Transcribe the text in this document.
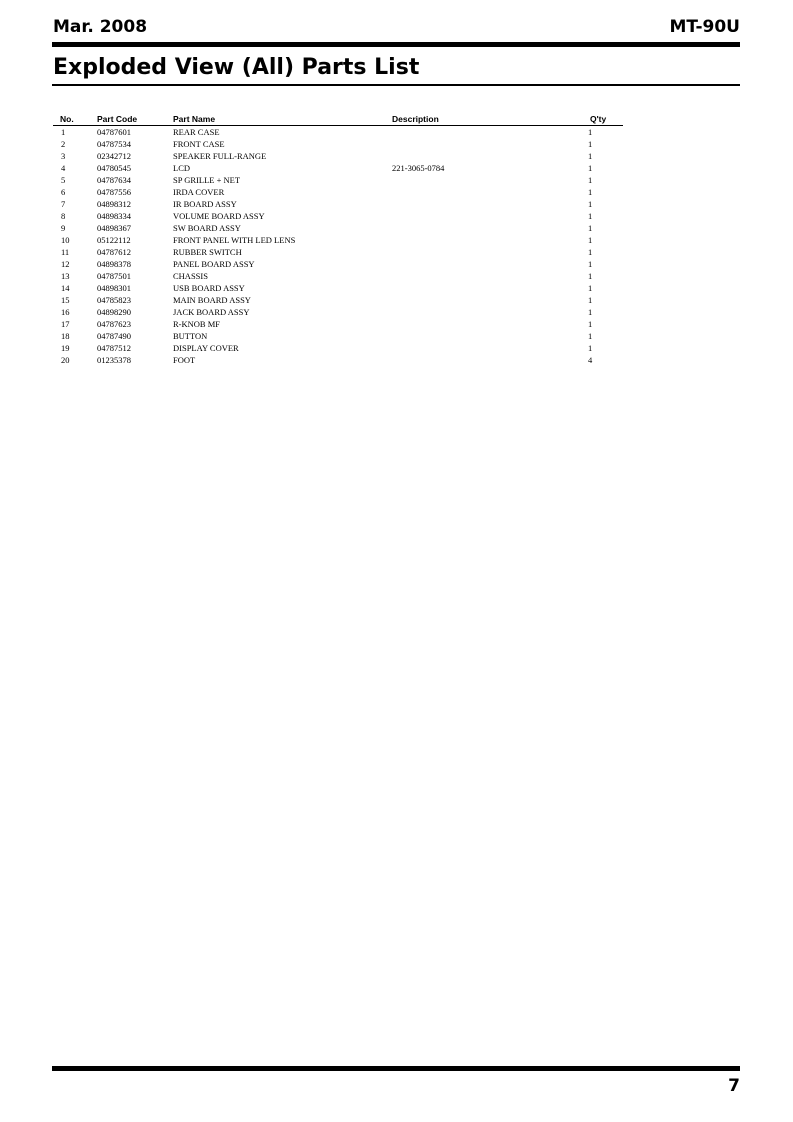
Mar. 2008	MT-90U
Exploded View (All) Parts List
No.	Part Code	Part Name	Description	Q'ty
1	04787601	REAR CASE		1
2	04787534	FRONT CASE		1
3	02342712	SPEAKER FULL-RANGE		1
4	04780545	LCD	221-3065-0784	1
5	04787634	SP GRILLE + NET		1
6	04787556	IRDA COVER		1
7	04898312	IR BOARD ASSY		1
8	04898334	VOLUME BOARD ASSY		1
9	04898367	SW BOARD ASSY		1
10	05122112	FRONT PANEL WITH LED LENS		1
11	04787612	RUBBER SWITCH		1
12	04898378	PANEL BOARD ASSY		1
13	04787501	CHASSIS		1
14	04898301	USB BOARD ASSY		1
15	04785823	MAIN BOARD ASSY		1
16	04898290	JACK BOARD ASSY		1
17	04787623	R-KNOB MF		1
18	04787490	BUTTON		1
19	04787512	DISPLAY COVER		1
20	01235378	FOOT		4
7
